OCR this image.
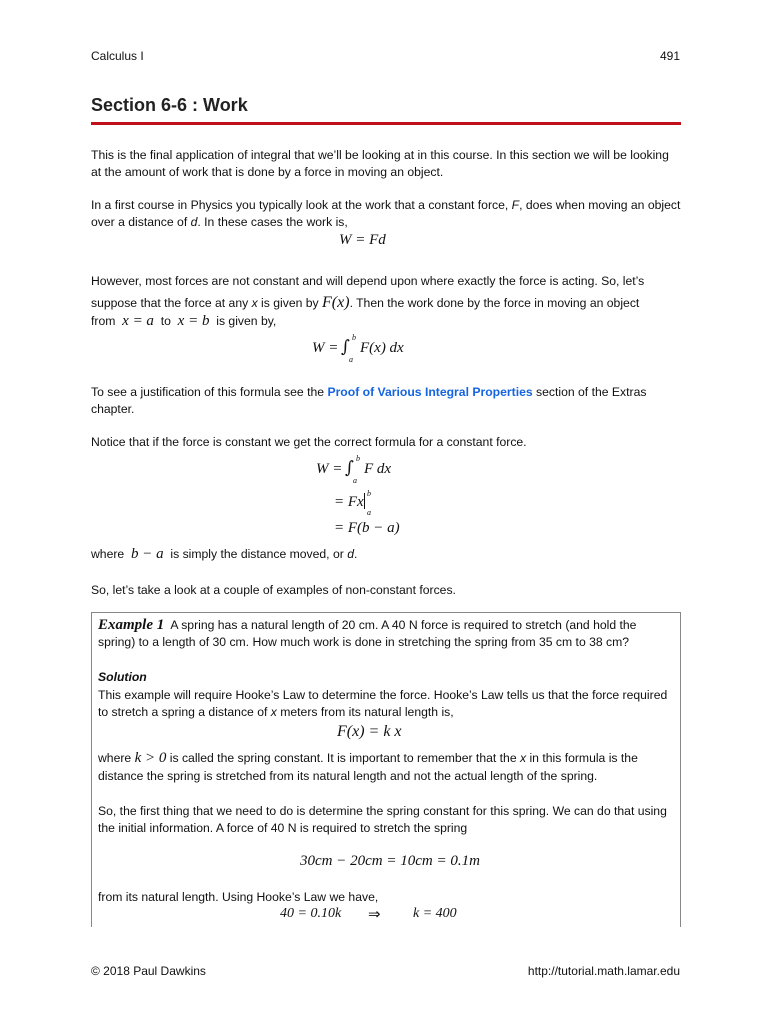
Calculus I	491
Section 6-6 : Work

This is the final application of integral that we’ll be looking at in this course. In this section we will be looking at the amount of work that is done by a force in moving an object.

In a first course in Physics you typically look at the work that a constant force, F, does when moving an object over a distance of d. In these cases the work is,

W = Fd

However, most forces are not constant and will depend upon where exactly the force is acting. So, let’s suppose that the force at any x is given by F(x). Then the work done by the force in moving an object

from x = a to x = b is given by,
W = ∫ b
a
F(x) dx

To see a justification of this formula see the Proof of Various Integral Properties section of the Extras chapter.

Notice that if the force is constant we get the correct formula for a constant force.

W = ∫ b
a
F dx
= Fx
b
a
= F(b − a)
where b − a is simply the distance moved, or d.

So, let’s take a look at a couple of examples of non-constant forces.

Example 1 A spring has a natural length of 20 cm. A 40 N force is required to stretch (and hold the spring) to a length of 30 cm. How much work is done in stretching the spring from 35 cm to 38 cm?

Solution

This example will require Hooke’s Law to determine the force. Hooke’s Law tells us that the force required to stretch a spring a distance of x meters from its natural length is,

F(x) = k x

where k > 0 is called the spring constant. It is important to remember that the x in this formula is the distance the spring is stretched from its natural length and not the actual length of the spring.

So, the first thing that we need to do is determine the spring constant for this spring. We can do that using the initial information. A force of 40 N is required to stretch the spring

30cm − 20cm = 10cm = 0.1m

from its natural length. Using Hooke’s Law we have,

40 = 0.10k ⇒ k = 400
© 2018 Paul Dawkins	http://tutorial.math.lamar.edu
